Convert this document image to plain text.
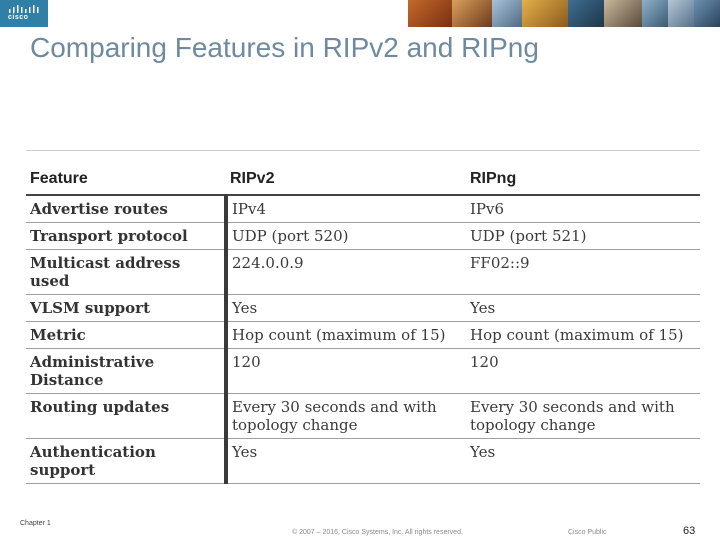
cisco
Comparing Features in RIPv2 and RIPng
Feature	RIPv2	RIPng
Advertise routes	IPv4	IPv6
Transport protocol	UDP (port 520)	UDP (port 521)
Multicast address used	224.0.0.9	FF02::9
VLSM support	Yes	Yes
Metric	Hop count (maximum of 15)	Hop count (maximum of 15)
Administrative Distance	120	120
Routing updates	Every 30 seconds and with topology change	Every 30 seconds and with topology change
Authentication support	Yes	Yes
Chapter 1
© 2007 – 2016, Cisco Systems, Inc. All rights reserved.	Cisco Public	63
